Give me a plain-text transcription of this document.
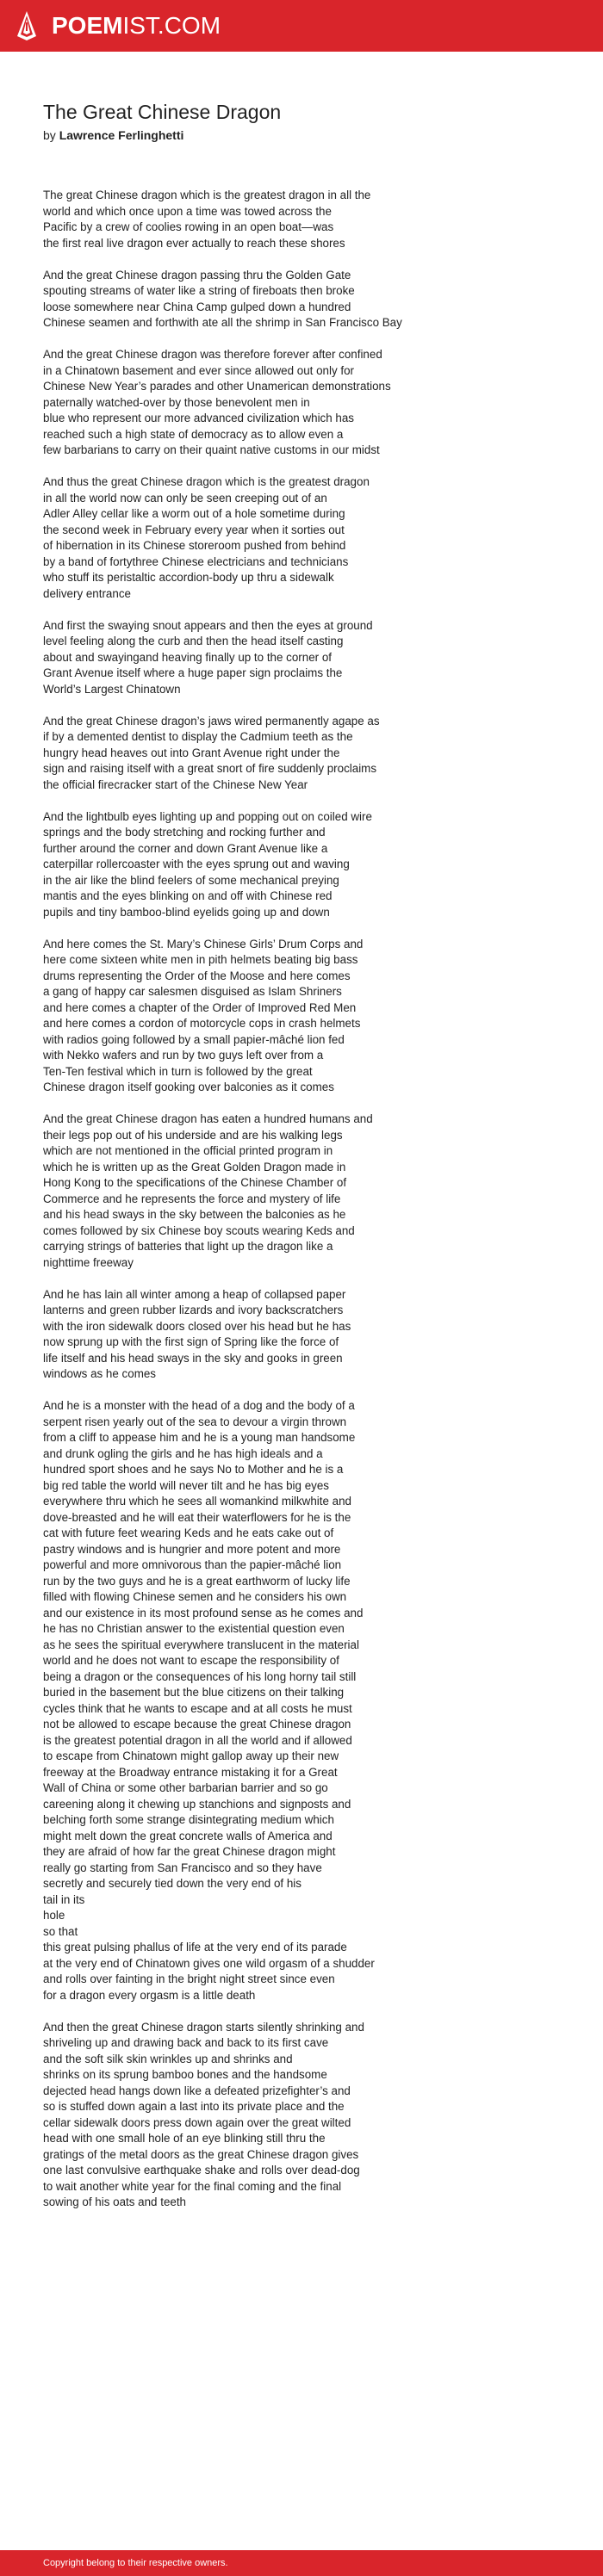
POEMIST.COM
The Great Chinese Dragon
by Lawrence Ferlinghetti
The great Chinese dragon which is the greatest dragon in all the
world and which once upon a time was towed across the
Pacific by a crew of coolies rowing in an open boat—was
the first real live dragon ever actually to reach these shores
And the great Chinese dragon passing thru the Golden Gate
spouting streams of water like a string of fireboats then broke
loose somewhere near China Camp gulped down a hundred
Chinese seamen and forthwith ate all the shrimp in San Francisco Bay
And the great Chinese dragon was therefore forever after confined
in a Chinatown basement and ever since allowed out only for
Chinese New Year’s parades and other Unamerican demonstrations
paternally watched-over by those benevolent men in
blue who represent our more advanced civilization which has
reached such a high state of democracy as to allow even a
few barbarians to carry on their quaint native customs in our midst
And thus the great Chinese dragon which is the greatest dragon
in all the world now can only be seen creeping out of an
Adler Alley cellar like a worm out of a hole sometime during
the second week in February every year when it sorties out
of hibernation in its Chinese storeroom pushed from behind
by a band of fortythree Chinese electricians and technicians
who stuff its peristaltic accordion-body up thru a sidewalk
delivery entrance
And first the swaying snout appears and then the eyes at ground
level feeling along the curb and then the head itself casting
about and swayingand heaving finally up to the corner of
Grant Avenue itself where a huge paper sign proclaims the
World’s Largest Chinatown
And the great Chinese dragon’s jaws wired permanently agape as
if by a demented dentist to display the Cadmium teeth as the
hungry head heaves out into Grant Avenue right under the
sign and raising itself with a great snort of fire suddenly proclaims
the official firecracker start of the Chinese New Year
And the lightbulb eyes lighting up and popping out on coiled wire
springs and the body stretching and rocking further and
further around the corner and down Grant Avenue like a
caterpillar rollercoaster with the eyes sprung out and waving
in the air like the blind feelers of some mechanical preying
mantis and the eyes blinking on and off with Chinese red
pupils and tiny bamboo-blind eyelids going up and down
And here comes the St. Mary’s Chinese Girls’ Drum Corps and
here come sixteen white men in pith helmets beating big bass
drums representing the Order of the Moose and here comes
a gang of happy car salesmen disguised as Islam Shriners
and here comes a chapter of the Order of Improved Red Men
and here comes a cordon of motorcycle cops in crash helmets
with radios going followed by a small papier-mâché lion fed
with Nekko wafers and run by two guys left over from a
Ten-Ten festival which in turn is followed by the great
Chinese dragon itself gooking over balconies as it comes
And the great Chinese dragon has eaten a hundred humans and
their legs pop out of his underside and are his walking legs
which are not mentioned in the official printed program in
which he is written up as the Great Golden Dragon made in
Hong Kong to the specifications of the Chinese Chamber of
Commerce and he represents the force and mystery of life
and his head sways in the sky between the balconies as he
comes followed by six Chinese boy scouts wearing Keds and
carrying strings of batteries that light up the dragon like a
nighttime freeway
And he has lain all winter among a heap of collapsed paper
lanterns and green rubber lizards and ivory backscratchers
with the iron sidewalk doors closed over his head but he has
now sprung up with the first sign of Spring like the force of
life itself and his head sways in the sky and gooks in green
windows as he comes
And he is a monster with the head of a dog and the body of a
serpent risen yearly out of the sea to devour a virgin thrown
from a cliff to appease him and he is a young man handsome
and drunk ogling the girls and he has high ideals and a
hundred sport shoes and he says No to Mother and he is a
big red table the world will never tilt and he has big eyes
everywhere thru which he sees all womankind milkwhite and
dove-breasted and he will eat their waterflowers for he is the
cat with future feet wearing Keds and he eats cake out of
pastry windows and is hungrier and more potent and more
powerful and more omnivorous than the papier-mâché lion
run by the two guys and he is a great earthworm of lucky life
filled with flowing Chinese semen and he considers his own
and our existence in its most profound sense as he comes and
he has no Christian answer to the existential question even
as he sees the spiritual everywhere translucent in the material
world and he does not want to escape the responsibility of
being a dragon or the consequences of his long horny tail still
buried in the basement but the blue citizens on their talking
cycles think that he wants to escape and at all costs he must
not be allowed to escape because the great Chinese dragon
is the greatest potential dragon in all the world and if allowed
to escape from Chinatown might gallop away up their new
freeway at the Broadway entrance mistaking it for a Great
Wall of China or some other barbarian barrier and so go
careening along it chewing up stanchions and signposts and
belching forth some strange disintegrating medium which
might melt down the great concrete walls of America and
they are afraid of how far the great Chinese dragon might
really go starting from San Francisco and so they have
secretly and securely tied down the very end of his
tail in its
hole
so that
this great pulsing phallus of life at the very end of its parade
at the very end of Chinatown gives one wild orgasm of a shudder
and rolls over fainting in the bright night street since even
for a dragon every orgasm is a little death
And then the great Chinese dragon starts silently shrinking and
shriveling up and drawing back and back to its first cave
and the soft silk skin wrinkles up and shrinks and
shrinks on its sprung bamboo bones and the handsome
dejected head hangs down like a defeated prizefighter’s and
so is stuffed down again a last into its private place and the
cellar sidewalk doors press down again over the great wilted
head with one small hole of an eye blinking still thru the
gratings of the metal doors as the great Chinese dragon gives
one last convulsive earthquake shake and rolls over dead-dog
to wait another white year for the final coming and the final
sowing of his oats and teeth
Copyright belong to their respective owners.
